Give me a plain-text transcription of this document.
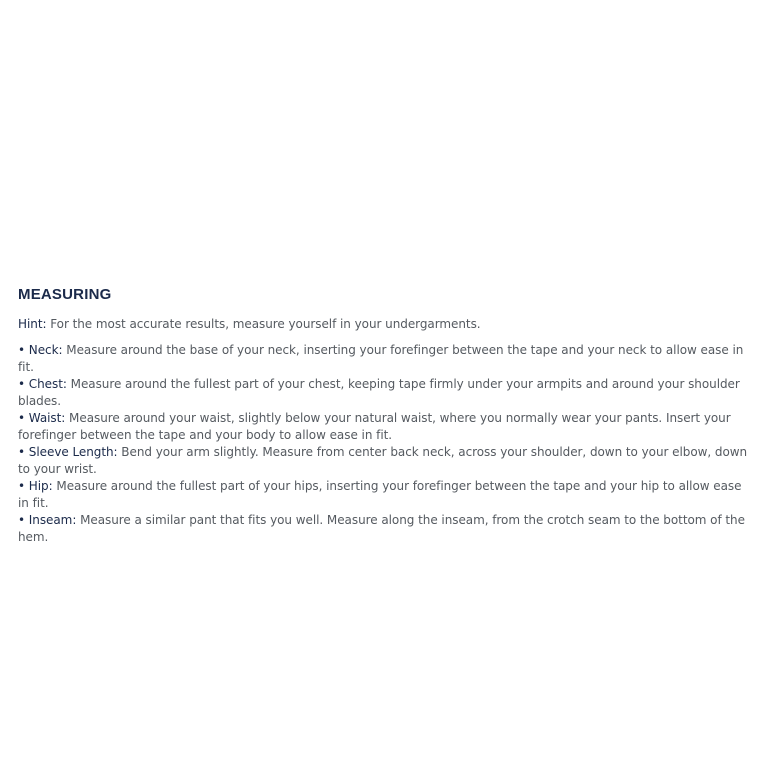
MEASURING

Hint: For the most accurate results, measure yourself in your undergarments.

• Neck: Measure around the base of your neck, inserting your forefinger between the tape and your neck to allow ease in fit.
• Chest: Measure around the fullest part of your chest, keeping tape firmly under your armpits and around your shoulder blades.
• Waist: Measure around your waist, slightly below your natural waist, where you normally wear your pants. Insert your forefinger between the tape and your body to allow ease in fit.
• Sleeve Length: Bend your arm slightly. Measure from center back neck, across your shoulder, down to your elbow, down to your wrist.
• Hip: Measure around the fullest part of your hips, inserting your forefinger between the tape and your hip to allow ease in fit.
• Inseam: Measure a similar pant that fits you well. Measure along the inseam, from the crotch seam to the bottom of the hem.
